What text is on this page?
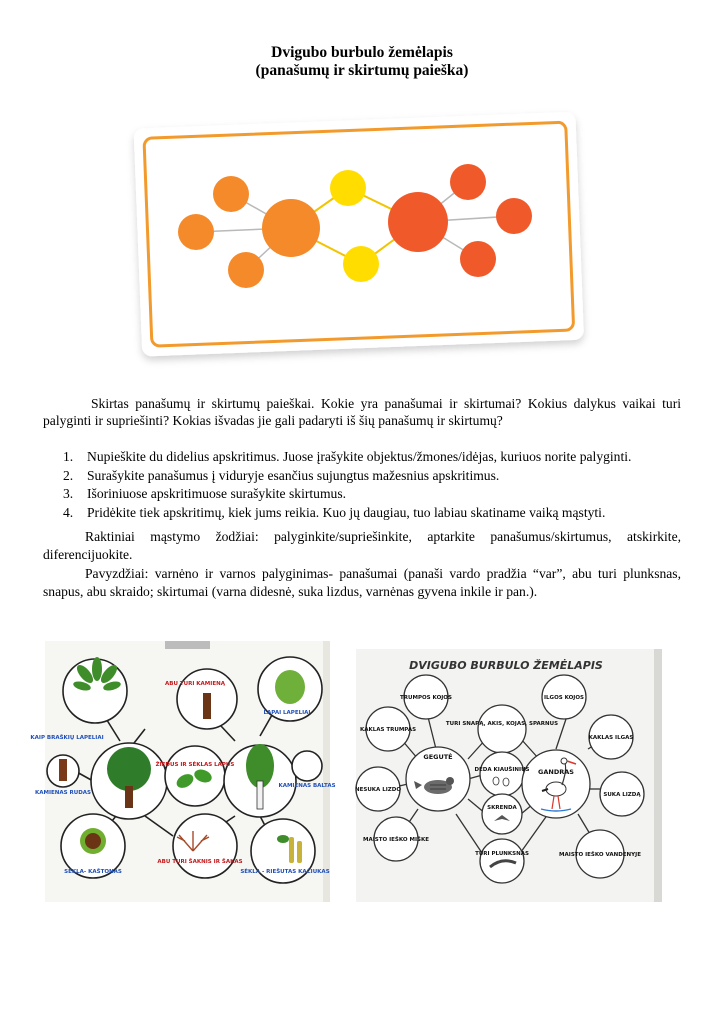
Dvigubo burbulo žemėlapis
(panašumų ir skirtumų paieška)

Skirtas panašumų ir skirtumų paieškai. Kokie yra panašumai ir skirtumai? Kokius dalykus vaikai turi palyginti ir supriešinti? Kokias išvadas jie gali padaryti iš šių panašumų ir skirtumų?

1. Nupieškite du didelius apskritimus. Juose įrašykite objektus/žmones/idėjas, kuriuos norite palyginti.
2. Surašykite panašumus į viduryje esančius sujungtus mažesnius apskritimus.
3. Išoriniuose apskritimuose surašykite skirtumus.
4. Pridėkite tiek apskritimų, kiek jums reikia. Kuo jų daugiau, tuo labiau skatiname vaiką mąstyti.

Raktiniai mąstymo žodžiai: palyginkite/supriešinkite, aptarkite panašumus/skirtumus, atskirkite, diferencijuokite.

Pavyzdžiai: varnėno ir varnos palyginimas- panašumai (panaši vardo pradžia “var”, abu turi plunksnas, snapus, abu skraido; skirtumai (varna didesnė, suka lizdus, varnėnas gyvena inkile ir pan.).

KAIP BRAŠKIŲ LAPELIAI
KAMIENAS RUDAS
SĖKLA- KAŠTONAS
ABU TURI KAMIENĄ
ŽIEDUS IR SĖKLAS LAPUS
ABU TURI ŠAKNIS IR ŠAKAS
LAPAI LAPELIAI
KAMIENAS BALTAS
SĖKLA - RIEŠUTAS KAČIUKAS
DVIGUBO BURBULO ŽEMĖLAPIS
GEGUTĖ
GANDRAS
TRUMPOS KOJOS
KAKLAS TRUMPAS
NESUKA LIZDO
MAISTO IEŠKO MIŠKE
TURI SNAPĄ, AKIS, KOJAS, SPARNUS
DEDA KIAUŠINIUS
SKRENDA
TURI PLUNKSNAS
ILGOS KOJOS
KAKLAS ILGAS
SUKA LIZDĄ
MAISTO IEŠKO VANDENYJE
